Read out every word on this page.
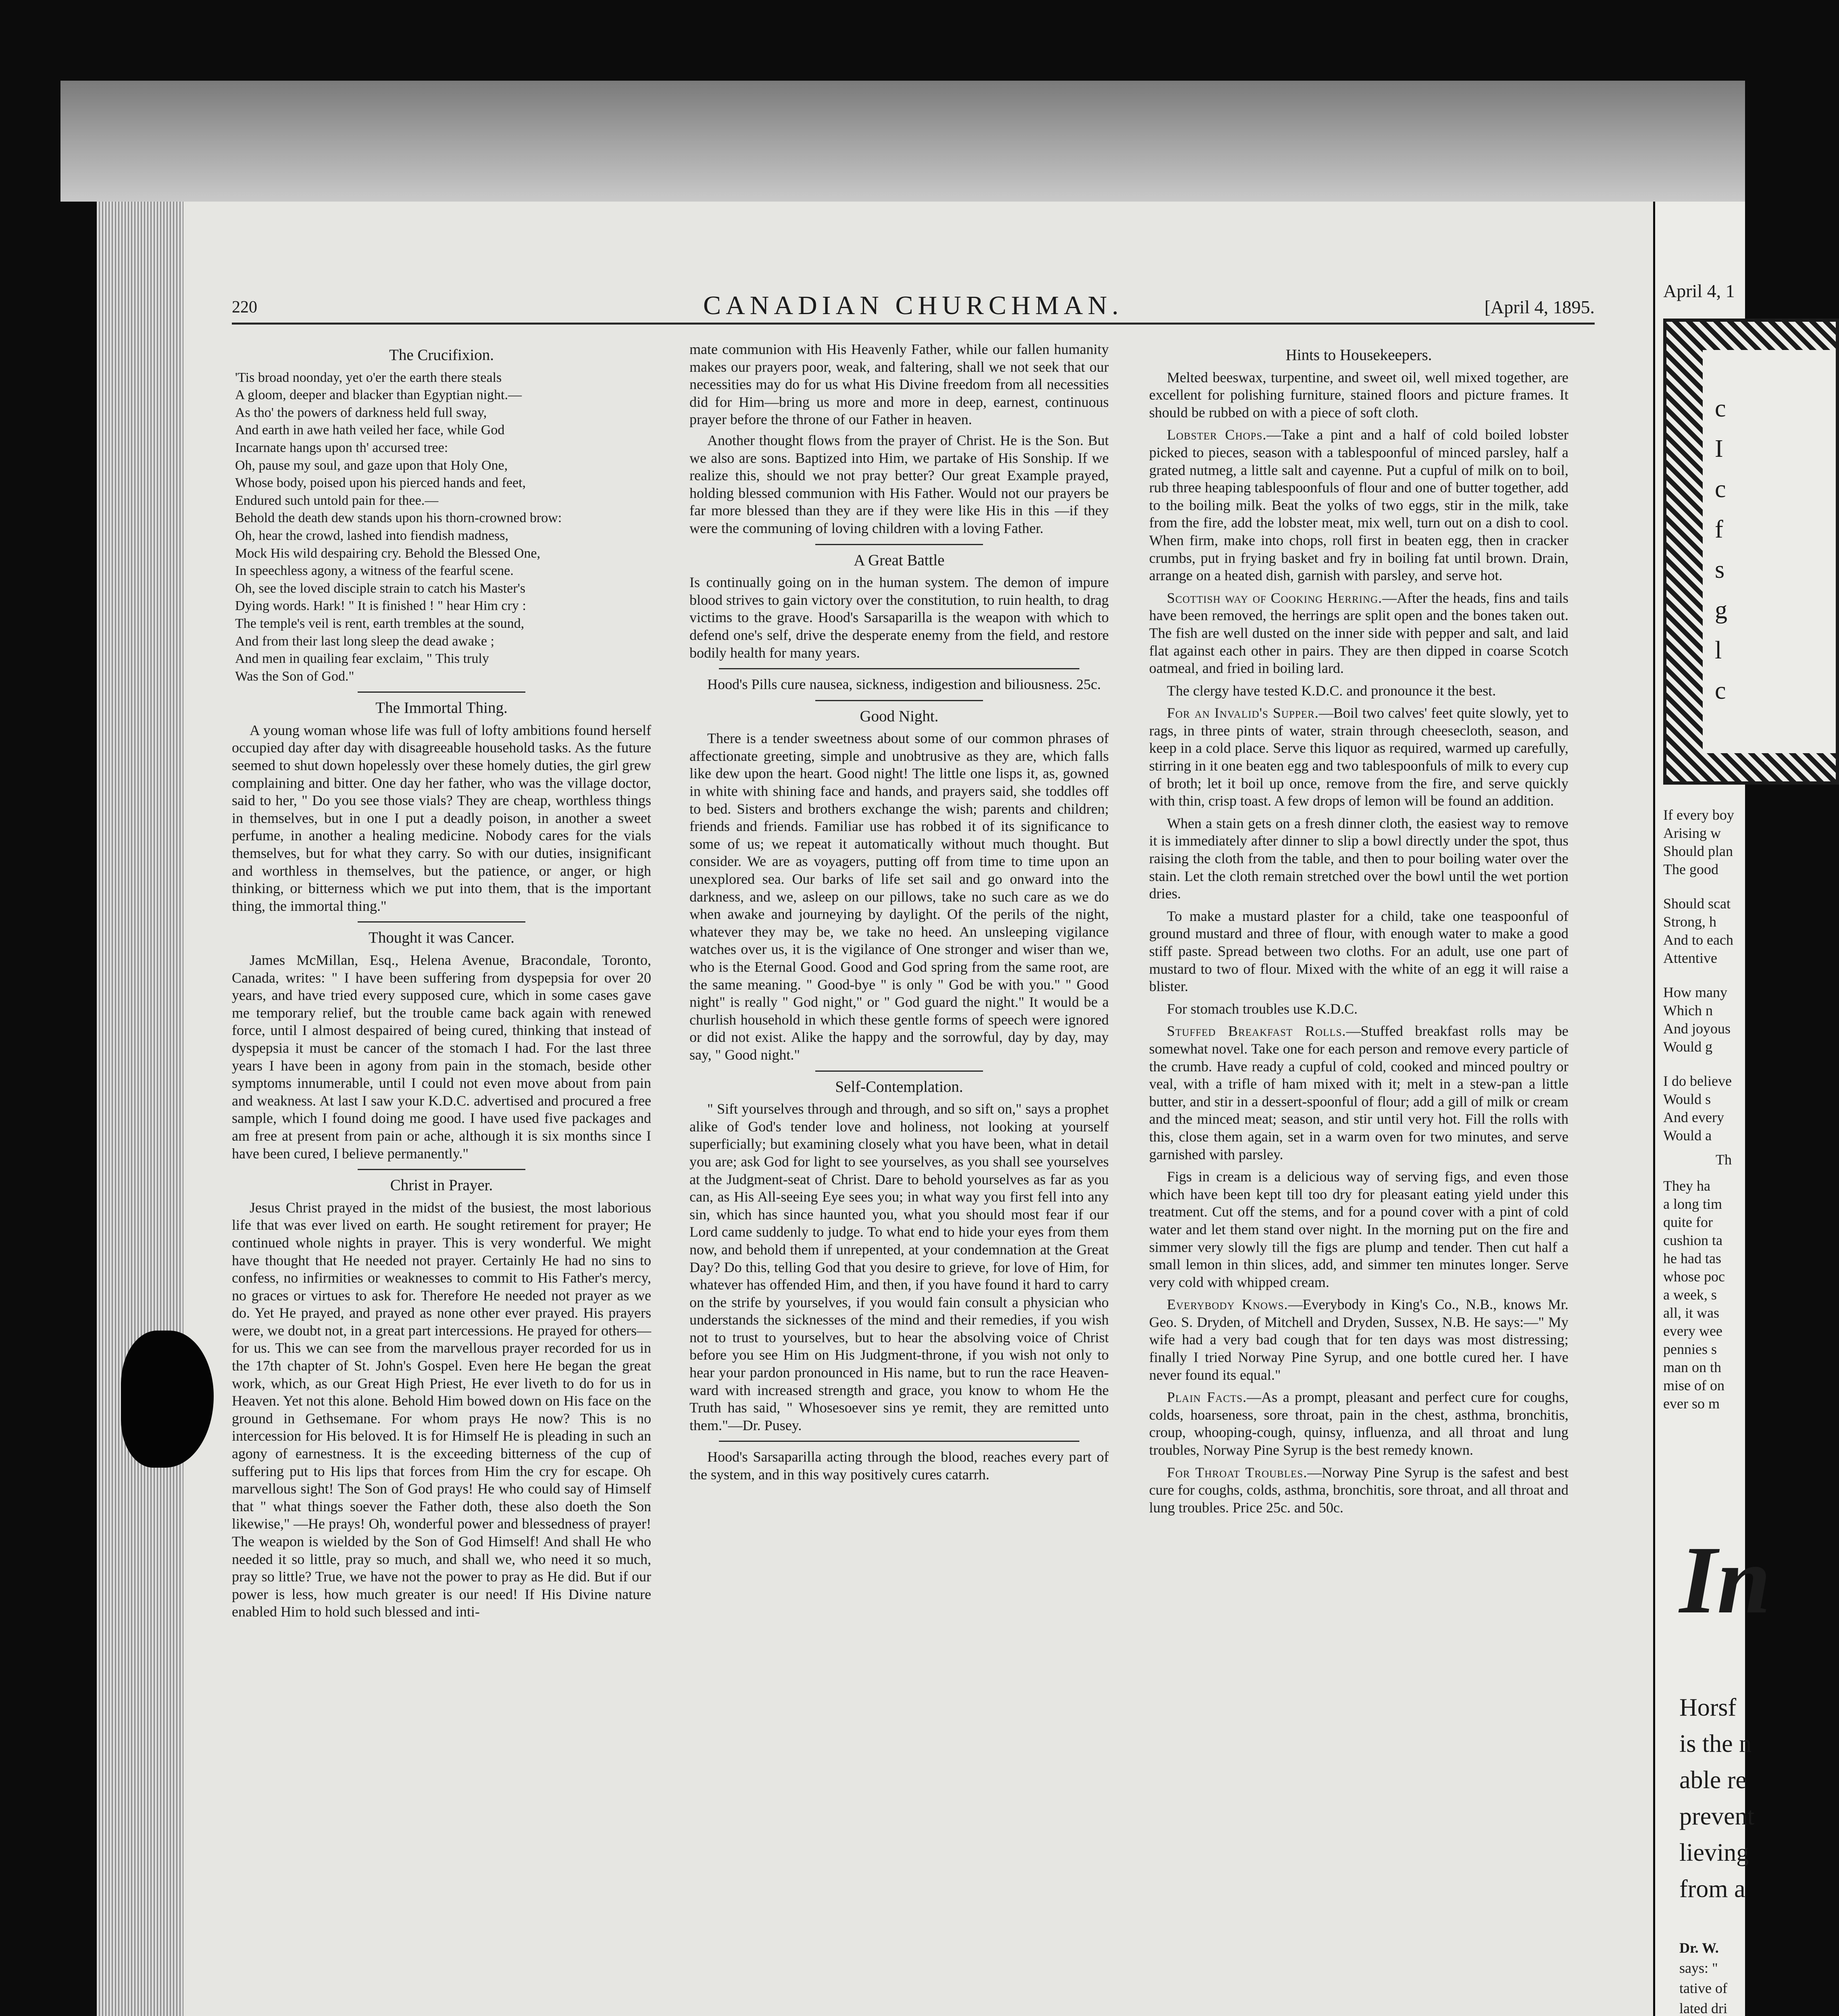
220	CANADIAN CHURCHMAN.	[April 4, 1895.
The Crucifixion.
'Tis broad noonday, yet o'er the earth there steals
A gloom, deeper and blacker than Egyptian night.—
As tho' the powers of darkness held full sway,
And earth in awe hath veiled her face, while God
Incarnate hangs upon th' accursed tree:
Oh, pause my soul, and gaze upon that Holy One,
Whose body, poised upon his pierced hands and feet,
Endured such untold pain for thee.—
Behold the death dew stands upon his thorn-crowned brow:
Oh, hear the crowd, lashed into fiendish madness,
Mock His wild despairing cry. Behold the Blessed One,
In speechless agony, a witness of the fearful scene.
Oh, see the loved disciple strain to catch his Master's
Dying words. Hark! " It is finished ! " hear Him cry :
The temple's veil is rent, earth trembles at the sound,
And from their last long sleep the dead awake ;
And men in quailing fear exclaim, " This truly
Was the Son of God."
The Immortal Thing.

A young woman whose life was full of lofty ambitions found herself occupied day after day with disagreeable household tasks. As the future seemed to shut down hopelessly over these homely duties, the girl grew complaining and bitter. One day her father, who was the village doctor, said to her, " Do you see those vials? They are cheap, worthless things in themselves, but in one I put a deadly poison, in another a sweet perfume, in another a healing medicine. Nobody cares for the vials themselves, but for what they carry. So with our duties, insignificant and worthless in themselves, but the patience, or anger, or high thinking, or bitterness which we put into them, that is the important thing, the immortal thing."

Thought it was Cancer.

James McMillan, Esq., Helena Avenue, Bracondale, Toronto, Canada, writes: " I have been suffering from dyspepsia for over 20 years, and have tried every supposed cure, which in some cases gave me temporary relief, but the trouble came back again with renewed force, until I almost despaired of being cured, thinking that instead of dyspepsia it must be cancer of the stomach I had. For the last three years I have been in agony from pain in the stomach, beside other symptoms innumerable, until I could not even move about from pain and weakness. At last I saw your K.D.C. advertised and procured a free sample, which I found doing me good. I have used five packages and am free at present from pain or ache, although it is six months since I have been cured, I believe permanently."

Christ in Prayer.

Jesus Christ prayed in the midst of the busiest, the most laborious life that was ever lived on earth. He sought retirement for prayer; He continued whole nights in prayer. This is very wonderful. We might have thought that He needed not prayer. Certainly He had no sins to confess, no infirmities or weaknesses to commit to His Father's mercy, no graces or virtues to ask for. Therefore He needed not prayer as we do. Yet He prayed, and prayed as none other ever prayed. His prayers were, we doubt not, in a great part intercessions. He prayed for others—for us. This we can see from the marvellous prayer recorded for us in the 17th chapter of St. John's Gospel. Even here He began the great work, which, as our Great High Priest, He ever liveth to do for us in Heaven. Yet not this alone. Behold Him bowed down on His face on the ground in Gethsemane. For whom prays He now? This is no intercession for His beloved. It is for Himself He is pleading in such an agony of earnestness. It is the exceeding bitterness of the cup of suffering put to His lips that forces from Him the cry for escape. Oh marvellous sight! The Son of God prays! He who could say of Himself that " what things soever the Father doth, these also doeth the Son likewise," —He prays! Oh, wonderful power and blessedness of prayer! The weapon is wielded by the Son of God Himself! And shall He who needed it so little, pray so much, and shall we, who need it so much, pray so little? True, we have not the power to pray as He did. But if our power is less, how much greater is our need! If His Divine nature enabled Him to hold such blessed and inti-

mate communion with His Heavenly Father, while our fallen humanity makes our prayers poor, weak, and faltering, shall we not seek that our necessities may do for us what His Divine freedom from all necessities did for Him—bring us more and more in deep, earnest, continuous prayer before the throne of our Father in heaven.

Another thought flows from the prayer of Christ. He is the Son. But we also are sons. Baptized into Him, we partake of His Sonship. If we realize this, should we not pray better? Our great Example prayed, holding blessed communion with His Father. Would not our prayers be far more blessed than they are if they were like His in this —if they were the communing of loving children with a loving Father.

A Great Battle

Is continually going on in the human system. The demon of impure blood strives to gain victory over the constitution, to ruin health, to drag victims to the grave. Hood's Sarsaparilla is the weapon with which to defend one's self, drive the desperate enemy from the field, and restore bodily health for many years.

Hood's Pills cure nausea, sickness, indigestion and biliousness. 25c.

Good Night.

There is a tender sweetness about some of our common phrases of affectionate greeting, simple and unobtrusive as they are, which falls like dew upon the heart. Good night! The little one lisps it, as, gowned in white with shining face and hands, and prayers said, she toddles off to bed. Sisters and brothers exchange the wish; parents and children; friends and friends. Familiar use has robbed it of its significance to some of us; we repeat it automatically without much thought. But consider. We are as voyagers, putting off from time to time upon an unexplored sea. Our barks of life set sail and go onward into the darkness, and we, asleep on our pillows, take no such care as we do when awake and journeying by daylight. Of the perils of the night, whatever they may be, we take no heed. An unsleeping vigilance watches over us, it is the vigilance of One stronger and wiser than we, who is the Eternal Good. Good and God spring from the same root, are the same meaning. " Good-bye " is only " God be with you." " Good night" is really " God night," or " God guard the night." It would be a churlish household in which these gentle forms of speech were ignored or did not exist. Alike the happy and the sorrowful, day by day, may say, " Good night."

Self-Contemplation.

" Sift yourselves through and through, and so sift on," says a prophet alike of God's tender love and holiness, not looking at yourself superficially; but examining closely what you have been, what in detail you are; ask God for light to see yourselves, as you shall see yourselves at the Judgment-seat of Christ. Dare to behold yourselves as far as you can, as His All-seeing Eye sees you; in what way you first fell into any sin, which has since haunted you, what you should most fear if our Lord came suddenly to judge. To what end to hide your eyes from them now, and behold them if unrepented, at your condemnation at the Great Day? Do this, telling God that you desire to grieve, for love of Him, for whatever has offended Him, and then, if you have found it hard to carry on the strife by yourselves, if you would fain consult a physician who understands the sicknesses of the mind and their remedies, if you wish not to trust to yourselves, but to hear the absolving voice of Christ before you see Him on His Judgment-throne, if you wish not only to hear your pardon pronounced in His name, but to run the race Heaven-ward with increased strength and grace, you know to whom He the Truth has said, " Whosesoever sins ye remit, they are remitted unto them."—Dr. Pusey.

Hood's Sarsaparilla acting through the blood, reaches every part of the system, and in this way positively cures catarrh.

Hints to Housekeepers.

Melted beeswax, turpentine, and sweet oil, well mixed together, are excellent for polishing furniture, stained floors and picture frames. It should be rubbed on with a piece of soft cloth.

Lobster Chops.—Take a pint and a half of cold boiled lobster picked to pieces, season with a tablespoonful of minced parsley, half a grated nutmeg, a little salt and cayenne. Put a cupful of milk on to boil, rub three heaping tablespoonfuls of flour and one of butter together, add to the boiling milk. Beat the yolks of two eggs, stir in the milk, take from the fire, add the lobster meat, mix well, turn out on a dish to cool. When firm, make into chops, roll first in beaten egg, then in cracker crumbs, put in frying basket and fry in boiling fat until brown. Drain, arrange on a heated dish, garnish with parsley, and serve hot.

Scottish way of Cooking Herring.—After the heads, fins and tails have been removed, the herrings are split open and the bones taken out. The fish are well dusted on the inner side with pepper and salt, and laid flat against each other in pairs. They are then dipped in coarse Scotch oatmeal, and fried in boiling lard.

The clergy have tested K.D.C. and pronounce it the best.

For an Invalid's Supper.—Boil two calves' feet quite slowly, yet to rags, in three pints of water, strain through cheesecloth, season, and keep in a cold place. Serve this liquor as required, warmed up carefully, stirring in it one beaten egg and two tablespoonfuls of milk to every cup of broth; let it boil up once, remove from the fire, and serve quickly with thin, crisp toast. A few drops of lemon will be found an addition.

When a stain gets on a fresh dinner cloth, the easiest way to remove it is immediately after dinner to slip a bowl directly under the spot, thus raising the cloth from the table, and then to pour boiling water over the stain. Let the cloth remain stretched over the bowl until the wet portion dries.

To make a mustard plaster for a child, take one teaspoonful of ground mustard and three of flour, with enough water to make a good stiff paste. Spread between two cloths. For an adult, use one part of mustard to two of flour. Mixed with the white of an egg it will raise a blister.

For stomach troubles use K.D.C.

Stuffed Breakfast Rolls.—Stuffed breakfast rolls may be somewhat novel. Take one for each person and remove every particle of the crumb. Have ready a cupful of cold, cooked and minced poultry or veal, with a trifle of ham mixed with it; melt in a stew-pan a little butter, and stir in a dessert-spoonful of flour; add a gill of milk or cream and the minced meat; season, and stir until very hot. Fill the rolls with this, close them again, set in a warm oven for two minutes, and serve garnished with parsley.

Figs in cream is a delicious way of serving figs, and even those which have been kept till too dry for pleasant eating yield under this treatment. Cut off the stems, and for a pound cover with a pint of cold water and let them stand over night. In the morning put on the fire and simmer very slowly till the figs are plump and tender. Then cut half a small lemon in thin slices, add, and simmer ten minutes longer. Serve very cold with whipped cream.

Everybody Knows.—Everybody in King's Co., N.B., knows Mr. Geo. S. Dryden, of Mitchell and Dryden, Sussex, N.B. He says:—" My wife had a very bad cough that for ten days was most distressing; finally I tried Norway Pine Syrup, and one bottle cured her. I have never found its equal."

Plain Facts.—As a prompt, pleasant and perfect cure for coughs, colds, hoarseness, sore throat, pain in the chest, asthma, bronchitis, croup, whooping-cough, quinsy, influenza, and all throat and lung troubles, Norway Pine Syrup is the best remedy known.

For Throat Troubles.—Norway Pine Syrup is the safest and best cure for coughs, colds, asthma, bronchitis, sore throat, and all throat and lung troubles. Price 25c. and 50c.

April 4, 1
c
I
c
f
s
g
l
c
If every boy
Arising w
Should plan
The good
Should scat
Strong, h
And to each
Attentive
How many
Which n
And joyous
Would g
I do believe
Would s
And every
Would a
Th
They ha
a long tim
quite for
cushion ta
he had tas
whose poc
a week, s
all, it was
every wee
pennies s
man on th
mise of on
ever so m
In
Horsf
is the n
able re
prevent
lieving
from a
Dr. W.
says: "
tative of
lated dri
